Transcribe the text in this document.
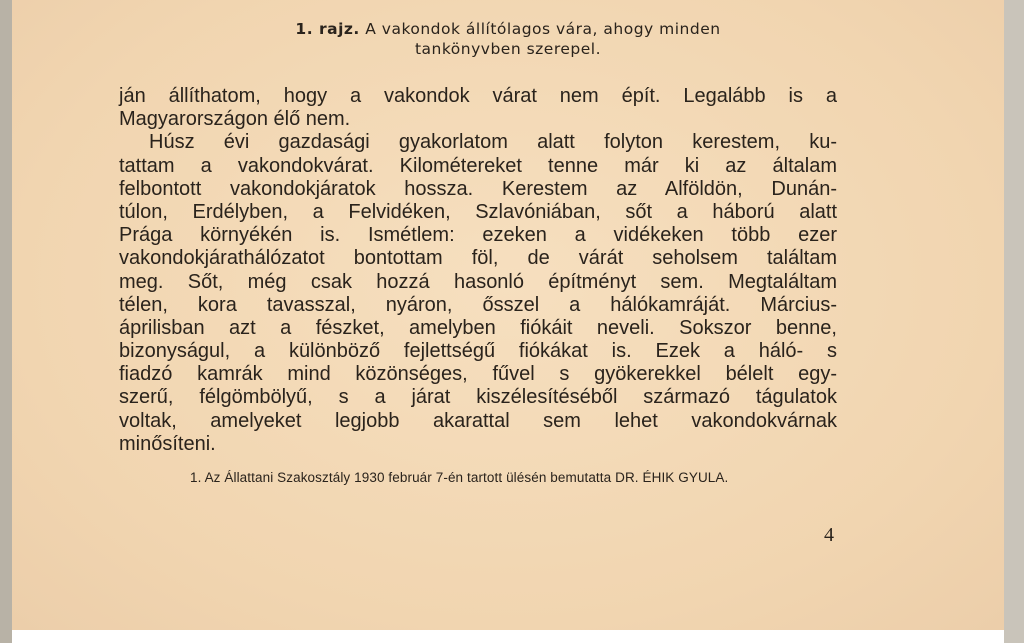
1. rajz. A vakondok állítólagos vára, ahogy minden
tankönyvben szerepel.
ján állíthatom, hogy a vakondok várat nem épít. Legalább is a
Magyarországon élő nem.
Húsz évi gazdasági gyakorlatom alatt folyton kerestem, ku-
tattam a vakondokvárat. Kilométereket tenne már ki az általam
felbontott vakondokjáratok hossza. Kerestem az Alföldön, Dunán-
túlon, Erdélyben, a Felvidéken, Szlavóniában, sőt a háború alatt
Prága környékén is. Ismétlem: ezeken a vidékeken több ezer
vakondokjárathálózatot bontottam föl, de várát seholsem találtam
meg. Sőt, még csak hozzá hasonló építményt sem. Megtaláltam
télen, kora tavasszal, nyáron, ősszel a hálókamráját. Március-
áprilisban azt a fészket, amelyben fiókáit neveli. Sokszor benne,
bizonyságul, a különböző fejlettségű fiókákat is. Ezek a háló- s
fiadzó kamrák mind közönséges, fűvel s gyökerekkel bélelt egy-
szerű, félgömbölyű, s a járat kiszélesítéséből származó tágulatok
voltak, amelyeket legjobb akarattal sem lehet vakondokvárnak
minősíteni.
1. Az Állattani Szakosztály 1930 február 7-én tartott ülésén bemutatta DR. ÉHIK GYULA.
4
